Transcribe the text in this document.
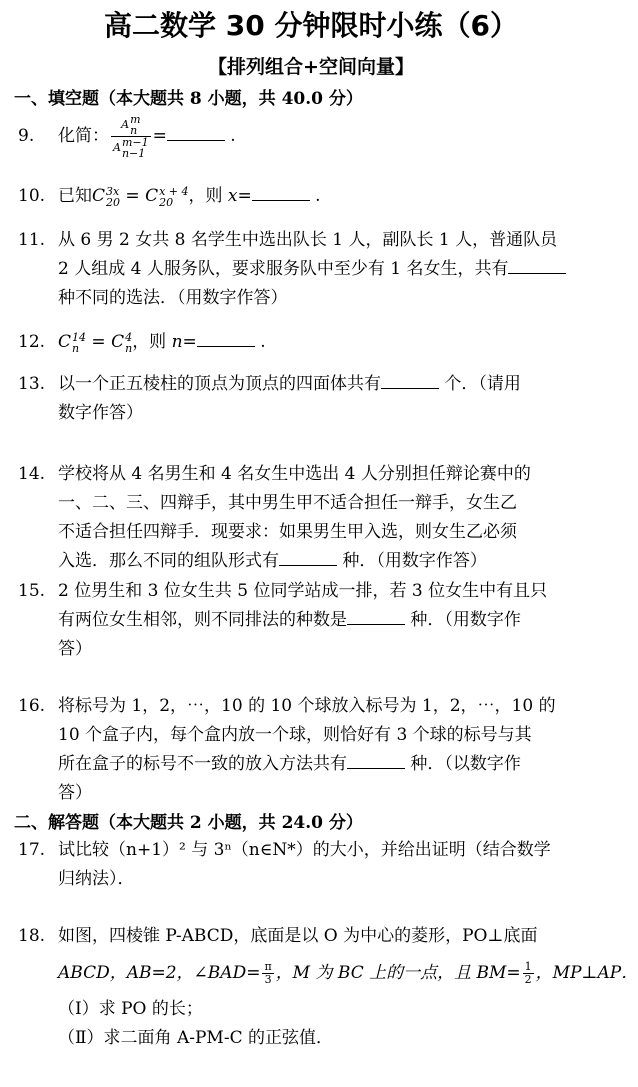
高二数学 30 分钟限时小练（6）
【排列组合+空间向量】
一、填空题（本大题共 8 小题，共 40.0 分）
9. 化简： A m
n
A m−1
n−1 =	.
10. 已知C 3x
20 = C x + 4
20 ，则 x=	.
11. 从 6 男 2 女共 8 名学生中选出队长 1 人，副队长 1 人，普通队员
2 人组成 4 人服务队，要求服务队中至少有 1 名女生，共有
种不同的选法．（用数字作答）
12. C 14
n = C 4
n ，则 n=	.
13. 以一个正五棱柱的顶点为顶点的四面体共有	个．（请用
数字作答）
14. 学校将从 4 名男生和 4 名女生中选出 4 人分别担任辩论赛中的
一、二、三、四辩手，其中男生甲不适合担任一辩手，女生乙
不适合担任四辩手．现要求：如果男生甲入选，则女生乙必须
入选．那么不同的组队形式有	种．（用数字作答）
15. 2 位男生和 3 位女生共 5 位同学站成一排，若 3 位女生中有且只
有两位女生相邻，则不同排法的种数是	种．（用数字作
答）
16. 将标号为 1，2，⋯，10 的 10 个球放入标号为 1，2，⋯，10 的
10 个盒子内，每个盒内放一个球，则恰好有 3 个球的标号与其
所在盒子的标号不一致的放入方法共有	种．（以数字作
答）
二、解答题（本大题共 2 小题，共 24.0 分）
17. 试比较（n+1）² 与 3ⁿ（n∈N*）的大小，并给出证明（结合数学
归纳法）．
18. 如图，四棱锥 P-ABCD，底面是以 O 为中心的菱形，PO⊥底面
ABCD，AB=2，∠BAD= $\frac{\pi}{3}$ ，M 为 BC 上的一点，且 $BM= \frac{1}{2}$ ，MP⊥AP．
（Ⅰ）求 PO 的长；
（Ⅱ）求二面角 A-PM-C 的正弦值．
